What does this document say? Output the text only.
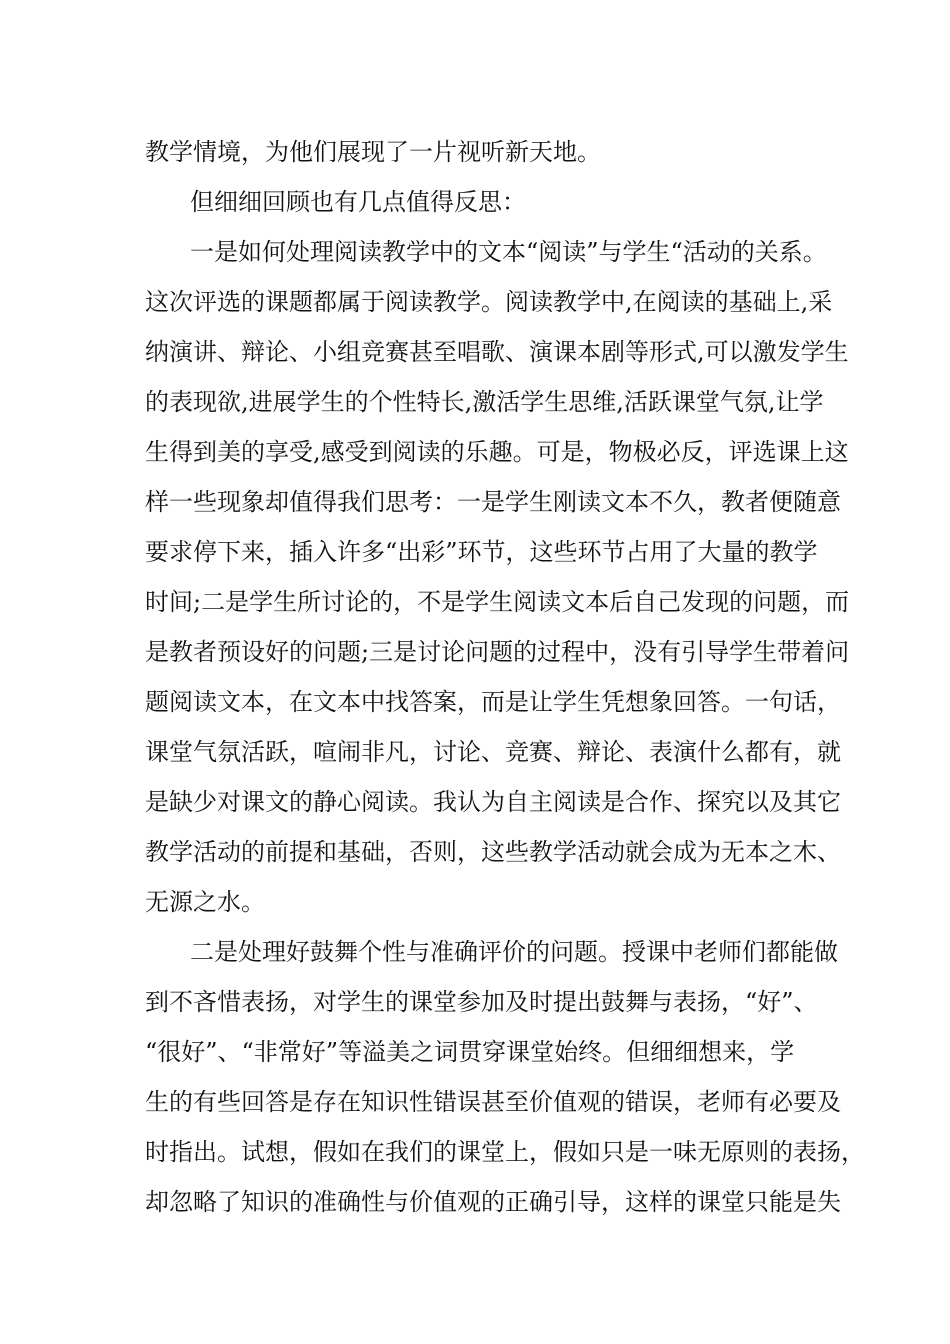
教学情境，为他们展现了一片视听新天地。

但细细回顾也有几点值得反思：

一是如何处理阅读教学中的文本“阅读”与学生“活动的关系。

这次评选的课题都属于阅读教学。阅读教学中,在阅读的基础上,采

纳演讲、辩论、小组竞赛甚至唱歌、演课本剧等形式,可以激发学生

的表现欲,进展学生的个性特长,激活学生思维,活跃课堂气氛,让学

生得到美的享受,感受到阅读的乐趣。可是，物极必反，评选课上这

样一些现象却值得我们思考：一是学生刚读文本不久，教者便随意

要求停下来，插入许多“出彩”环节，这些环节占用了大量的教学

时间;二是学生所讨论的，不是学生阅读文本后自己发现的问题，而

是教者预设好的问题;三是讨论问题的过程中，没有引导学生带着问

题阅读文本，在文本中找答案，而是让学生凭想象回答。一句话，

课堂气氛活跃，喧闹非凡，讨论、竞赛、辩论、表演什么都有，就

是缺少对课文的静心阅读。我认为自主阅读是合作、探究以及其它

教学活动的前提和基础，否则，这些教学活动就会成为无本之木、

无源之水。

二是处理好鼓舞个性与准确评价的问题。授课中老师们都能做

到不吝惜表扬，对学生的课堂参加及时提出鼓舞与表扬，“好”、

“很好”、“非常好”等溢美之词贯穿课堂始终。但细细想来，学

生的有些回答是存在知识性错误甚至价值观的错误，老师有必要及

时指出。试想，假如在我们的课堂上，假如只是一味无原则的表扬，

却忽略了知识的准确性与价值观的正确引导，这样的课堂只能是失
